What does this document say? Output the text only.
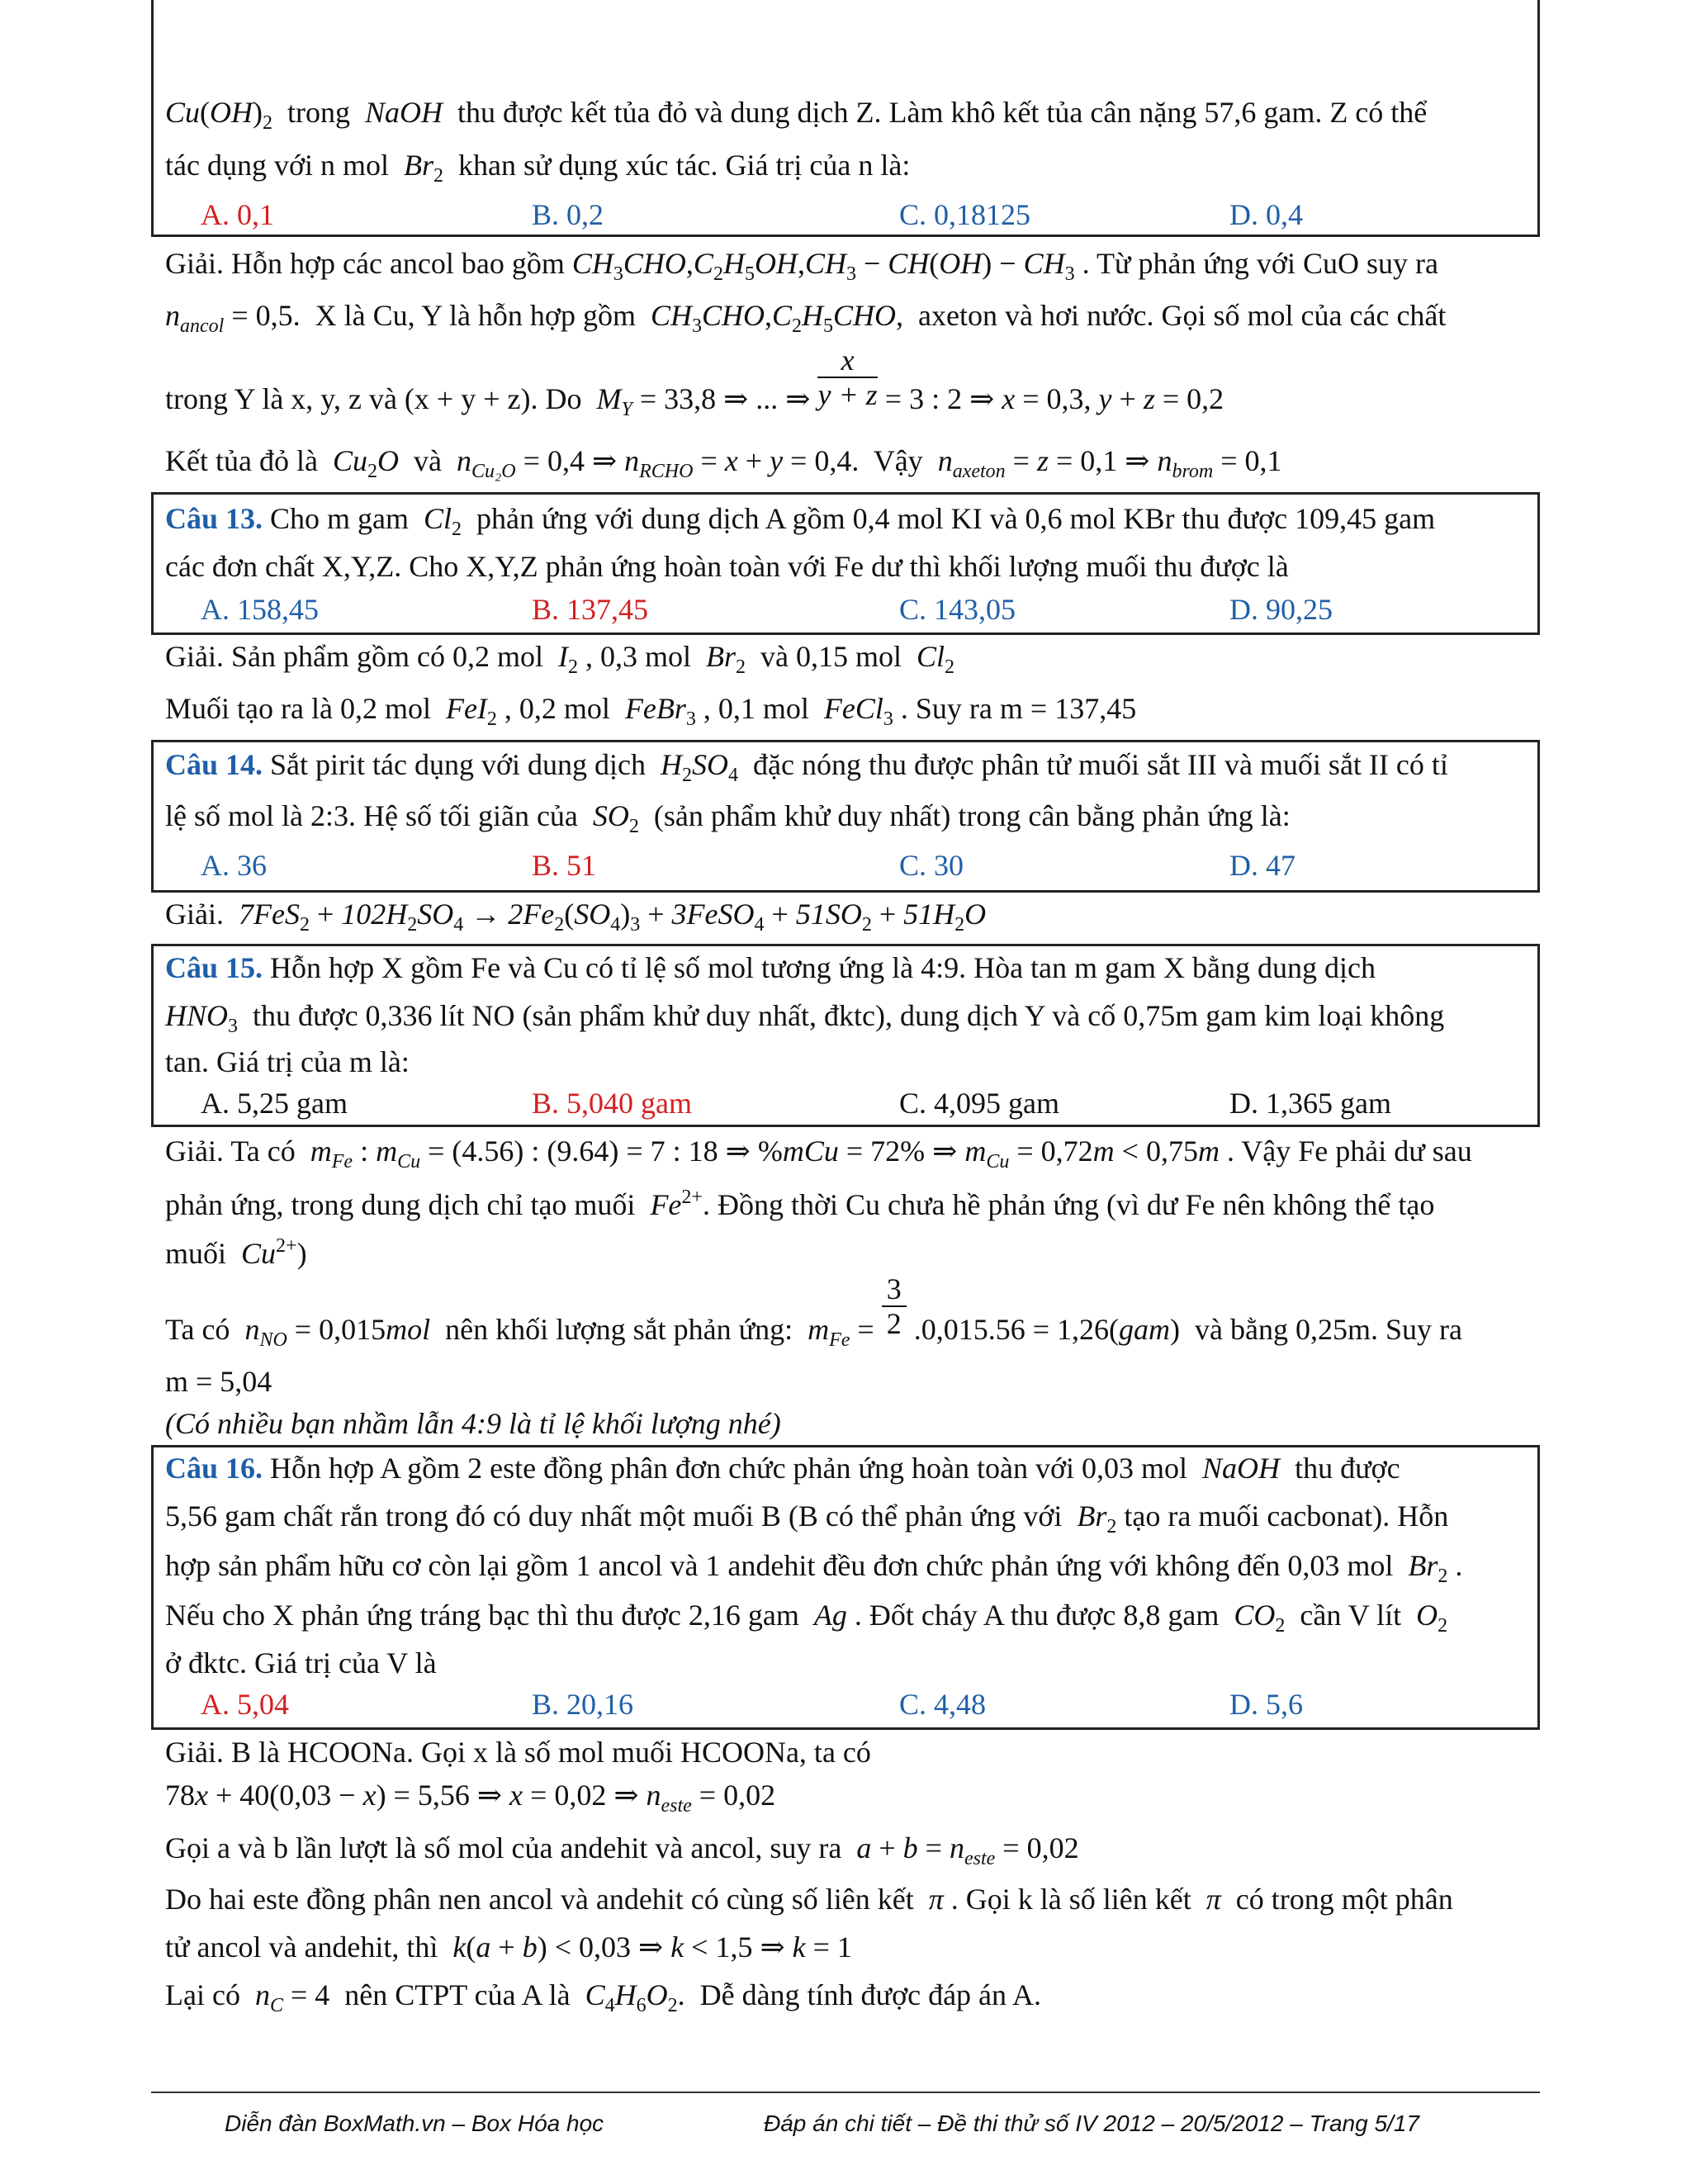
$Cu(OH)_2$  trong  NaOH  thu được kết tủa đỏ và dung dịch Z. Làm khô kết tủa cân nặng 57,6 gam. Z có thể
tác dụng với n mol  $Br_2$  khan sử dụng xúc tác. Giá trị của n là:
A. 0,1	B. 0,2	C. 0,18125	D. 0,4
Giải. Hỗn hợp các ancol bao gồm $CH_3CHO,C_2H_5OH,CH_3 - CH(OH) - CH_3$ . Từ phản ứng với CuO suy ra
$n_{ancol} = 0,5$.  X là Cu, Y là hỗn hợp gồm  $CH_3CHO,C_2H_5CHO$,  axeton và hơi nước. Gọi số mol của các chất
trong Y là x, y, z và (x + y + z). Do  $M_Y = 33,8$ ⇒ ... ⇒ $\frac{x}{y + z} = 3$ : 2 ⇒ x = 0,3, y + z = 0,2
Kết tủa đỏ là  $Cu_2O$  và  $n_{Cu_2O} = 0,4$ ⇒ $n_{RCHO} = x + y = 0,4$.  Vậy  $n_{axeton} = z = 0,1$ ⇒ $n_{brom} = 0,1$
Câu 13. Cho m gam  $Cl_2$  phản ứng với dung dịch A gồm 0,4 mol KI và 0,6 mol KBr thu được 109,45 gam
các đơn chất X,Y,Z. Cho X,Y,Z phản ứng hoàn toàn với Fe dư thì khối lượng muối thu được là
A. 158,45	B. 137,45	C. 143,05	D. 90,25
Giải. Sản phẩm gồm có 0,2 mol  $I_2$ , 0,3 mol  $Br_2$  và 0,15 mol  $Cl_2$
Muối tạo ra là 0,2 mol  FeI$_2$ , 0,2 mol  FeBr$_3$ , 0,1 mol  FeCl$_3$ . Suy ra m = 137,45
Câu 14. Sắt pirit tác dụng với dung dịch  $H_2SO_4$  đặc nóng thu được phân tử muối sắt III và muối sắt II có tỉ
lệ số mol là 2:3. Hệ số tối giãn của  $SO_2$  (sản phẩm khử duy nhất) trong cân bằng phản ứng là:
A. 36	B. 51	C. 30	D. 47
Giải.  $7FeS_2 + 102H_2SO_4 \to 2Fe_2(SO_4)_3$ + 3FeSO$_4$ + $51SO_2 + 51H_2O$
Câu 15. Hỗn hợp X gồm Fe và Cu có tỉ lệ số mol tương ứng là 4:9. Hòa tan m gam X bằng dung dịch
$HNO_3$  thu được 0,336 lít NO (sản phẩm khử duy nhất, đktc), dung dịch Y và cố 0,75m gam kim loại không
tan. Giá trị của m là:
A. 5,25 gam	B. 5,040 gam	C. 4,095 gam	D. 1,365 gam
Giải. Ta có  $m_{Fe}$ : $m_{Cu} = (4.56)$ : (9.64) = 7 : 18 ⇒ %mCu = 72% ⇒ $m_{Cu} = 0,72m < 0,75m$ . Vậy Fe phải dư sau
phản ứng, trong dung dịch chỉ tạo muối  $Fe^{2+}$. Đồng thời Cu chưa hề phản ứng (vì dư Fe nên không thể tạo
muối  $Cu^{2+}$)
Ta có  $n_{NO} = 0,015mol$  nên khối lượng sắt phản ứng:  $m_{Fe} = \frac{3}{2} .0,015.56 = 1,26(gam)$  và bằng 0,25m. Suy ra
m = 5,04
(Có nhiều bạn nhầm lẫn 4:9 là tỉ lệ khối lượng nhé)
Câu 16. Hỗn hợp A gồm 2 este đồng phân đơn chức phản ứng hoàn toàn với 0,03 mol  NaOH  thu được
5,56 gam chất rắn trong đó có duy nhất một muối B (B có thể phản ứng với  $Br_2$ tạo ra muối cacbonat). Hỗn
hợp sản phẩm hữu cơ còn lại gồm 1 ancol và 1 andehit đều đơn chức phản ứng với không đến 0,03 mol  $Br_2$ .
Nếu cho X phản ứng tráng bạc thì thu được 2,16 gam  Ag . Đốt cháy A thu được 8,8 gam  $CO_2$  cần V lít  $O_2$
ở đktc. Giá trị của V là
A. 5,04	B. 20,16	C. 4,48	D. 5,6
Giải. B là HCOONa. Gọi x là số mol muối HCOONa, ta có
78x + 40(0,03 − x) = 5,56 ⇒ x = 0,02 ⇒ $n_{este} = 0,02$
Gọi a và b lần lượt là số mol của andehit và ancol, suy ra  $a + b = n_{este} = 0,02$
Do hai este đồng phân nen ancol và andehit có cùng số liên kết  π . Gọi k là số liên kết  π  có trong một phân
tử ancol và andehit, thì  k(a + b) < 0,03 ⇒ k < 1,5 ⇒ k = 1
Lại có  $n_C = 4$  nên CTPT của A là  $C_4H_6O_2$.  Dễ dàng tính được đáp án A.
Diễn đàn BoxMath.vn – Box Hóa học	Đáp án chi tiết – Đề thi thử số IV 2012 – 20/5/2012 – Trang 5/17
